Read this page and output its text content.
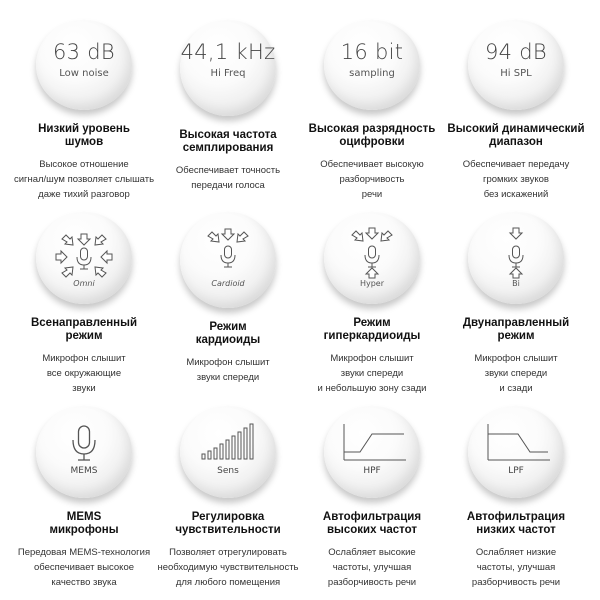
63 dB
Low noise
Низкий уровень
шумов
Высокое отношение
сигнал/шум позволяет слышать
даже тихий разговор
44,1 kHz
Hi Freq
Высокая частота
семплирования
Обеспечивает точность
передачи голоса
16 bit
sampling
Высокая разрядность
оцифровки
Обеспечивает высокую
разборчивость
речи
94 dB
Hi SPL
Высокий динамический
диапазон
Обеспечивает передачу
громких звуков
без искажений
Omni
Всенаправленный
режим
Микрофон слышит
все окружающие
звуки
Cardioid
Режим
кардиоиды
Микрофон слышит
звуки спереди
Hyper
Режим
гиперкардиоиды
Микрофон слышит
звуки спереди
и небольшую зону сзади
Bi
Двунаправленный
режим
Микрофон слышит
звуки спереди
и сзади
MEMS
MEMS
микрофоны
Передовая MEMS-технология
обеспечивает высокое
качество звука
Sens
Регулировка
чувствительности
Позволяет отрегулировать
необходимую чувствительность
для любого помещения
HPF
Автофильтрация
высоких частот
Ослабляет высокие
частоты, улучшая
разборчивость речи
LPF
Автофильтрация
низких частот
Ослабляет низкие
частоты, улучшая
разборчивость речи
